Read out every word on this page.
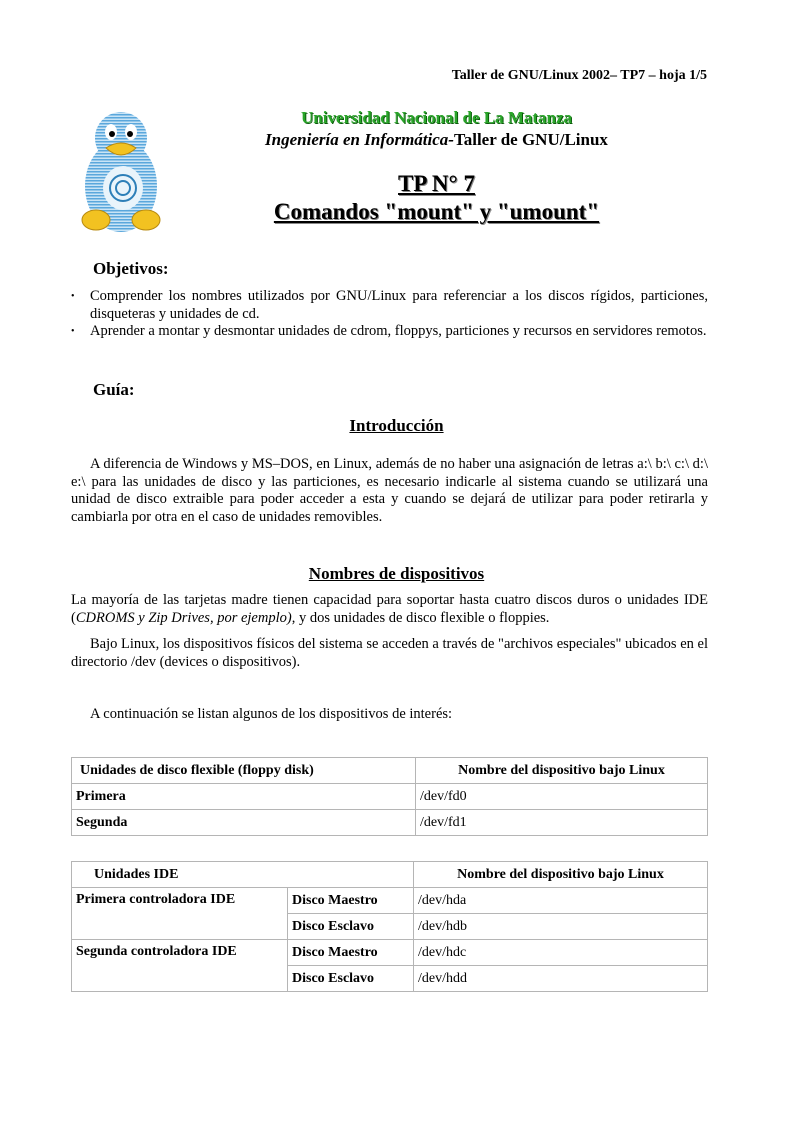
Taller de GNU/Linux 2002– TP7 – hoja 1/5
Universidad Nacional de La Matanza
Ingeniería en Informática-Taller de GNU/Linux
TP N° 7
Comandos "mount" y "umount"
Objetivos:
• Comprender los nombres utilizados por GNU/Linux para referenciar a los discos rígidos, particiones, disqueteras y unidades de cd.
• Aprender a montar y desmontar unidades de cdrom, floppys, particiones y recursos en servidores remotos.
Guía:
Introducción

A diferencia de Windows y MS–DOS, en Linux, además de no haber una asignación de letras a:\ b:\ c:\ d:\ e:\ para las unidades de disco y las particiones, es necesario indicarle al sistema cuando se utilizará una unidad de disco extraible para poder acceder a esta y cuando se dejará de utilizar para poder retirarla y cambiarla por otra en el caso de unidades removibles.

Nombres de dispositivos

La mayoría de las tarjetas madre tienen capacidad para soportar hasta cuatro discos duros o unidades IDE (CDROMS y Zip Drives, por ejemplo), y dos unidades de disco flexible o floppies.

Bajo Linux, los dispositivos físicos del sistema se acceden a través de "archivos especiales" ubicados en el directorio /dev (devices o dispositivos).

A continuación se listan algunos de los dispositivos de interés:

Unidades de disco flexible (floppy disk)	Nombre del dispositivo bajo Linux
Primera	/dev/fd0
Segunda	/dev/fd1
Unidades IDE		Nombre del dispositivo bajo Linux
Primera controladora IDE	Disco Maestro	/dev/hda
	Disco Esclavo	/dev/hdb
Segunda controladora IDE	Disco Maestro	/dev/hdc
	Disco Esclavo	/dev/hdd
